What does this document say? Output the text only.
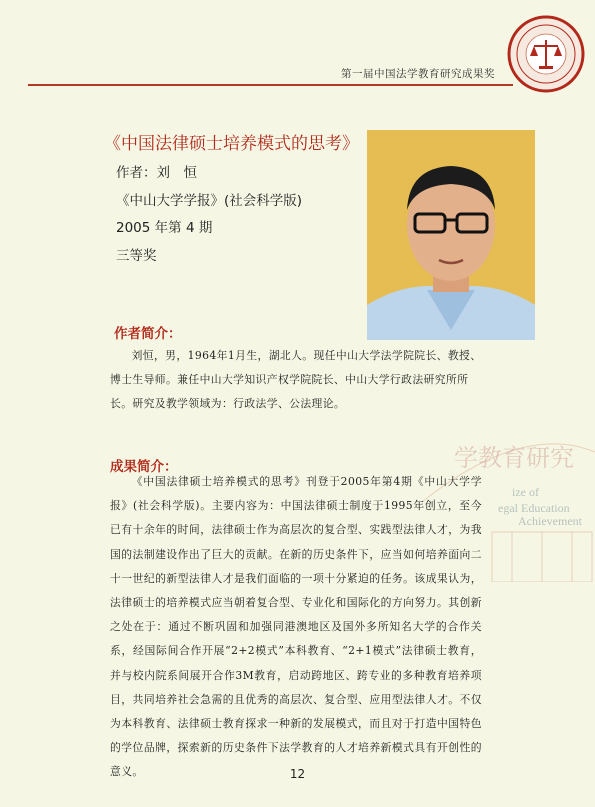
第一届中国法学教育研究成果奖
《中国法律硕士培养模式的思考》
作者：刘　恒
《中山大学学报》(社会科学版)
2005 年第 4 期
三等奖
作者简介：
刘恒，男，1964年1月生，湖北人。现任中山大学法学院院长、教授、博士生导师。兼任中山大学知识产权学院院长、中山大学行政法研究所所长。研究及教学领域为：行政法学、公法理论。
学教育研究
ize of
egal Education
Achievement
成果简介：
《中国法律硕士培养模式的思考》刊登于2005年第4期《中山大学学报》(社会科学版)。主要内容为：中国法律硕士制度于1995年创立，至今已有十余年的时间，法律硕士作为高层次的复合型、实践型法律人才，为我国的法制建设作出了巨大的贡献。在新的历史条件下，应当如何培养面向二十一世纪的新型法律人才是我们面临的一项十分紧迫的任务。该成果认为，法律硕士的培养模式应当朝着复合型、专业化和国际化的方向努力。其创新之处在于：通过不断巩固和加强同港澳地区及国外多所知名大学的合作关系，经国际间合作开展“2+2模式”本科教育、“2+1模式”法律硕士教育，并与校内院系间展开合作3M教育，启动跨地区、跨专业的多种教育培养项目，共同培养社会急需的且优秀的高层次、复合型、应用型法律人才。不仅为本科教育、法律硕士教育探求一种新的发展模式，而且对于打造中国特色的学位品牌，探索新的历史条件下法学教育的人才培养新模式具有开创性的意义。	12
